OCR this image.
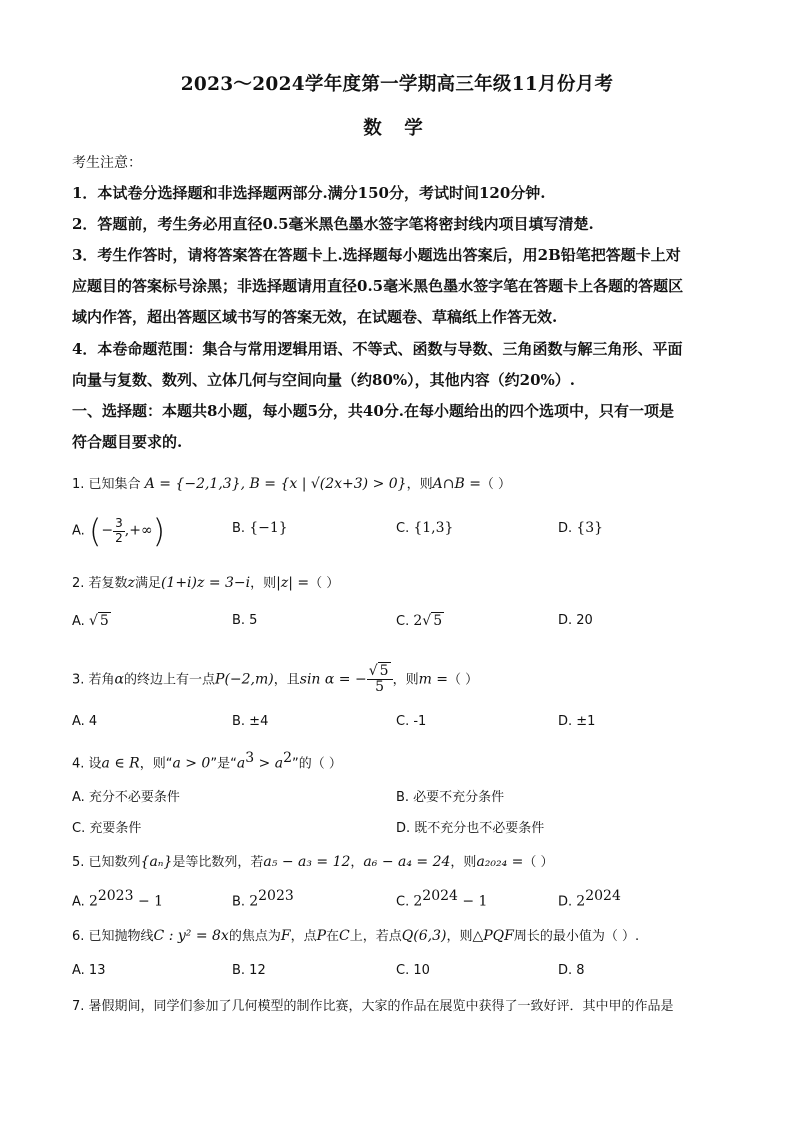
2023～2024学年度第一学期高三年级11月份月考
数 学
考生注意：
1．本试卷分选择题和非选择题两部分.满分150分，考试时间120分钟.
2．答题前，考生务必用直径0.5毫米黑色墨水签字笔将密封线内项目填写清楚.
3．考生作答时，请将答案答在答题卡上.选择题每小题选出答案后，用2B铅笔把答题卡上对
应题目的答案标号涂黑；非选择题请用直径0.5毫米黑色墨水签字笔在答题卡上各题的答题区
域内作答，超出答题区域书写的答案无效，在试题卷、草稿纸上作答无效.
4．本卷命题范围：集合与常用逻辑用语、不等式、函数与导数、三角函数与解三角形、平面
向量与复数、数列、立体几何与空间向量（约80%），其他内容（约20%）.
一、选择题：本题共8小题，每小题5分，共40分.在每小题给出的四个选项中，只有一项是
符合题目要求的.
1. 已知集合 A = {−2,1,3}, B = {x | √(2x+3) > 0}，则A∩B =（ ）
A. (− $\frac{3}{2}$ ,+∞)	B. {−1}	C. {1,3}	D. {3}
2. 若复数z满足(1+i)z = 3−i，则|z| =（ ）
A. √ 5	B. 5	C. 2√ 5	D. 20
3. 若角α的终边上有一点P(−2,m)，且sin α = − $\frac{√ 5}{5}$ ，则m =（ ）
A. 4	B. ±4	C. -1	D. ±1
4. 设a ∈ R，则“a > 0”是“$a^3 > a^2$”的（ ）
A. 充分不必要条件	B. 必要不充分条件
C. 充要条件	D. 既不充分也不必要条件
5. 已知数列{aₙ}是等比数列，若a₅ − a₃ = 12，a₆ − a₄ = 24，则a₂₀₂₄ =（ ）
A. $2^{2023} - 1$	B. $2^{2023}$	C. $2^{2024} - 1$	D. $2^{2024}$
6. 已知抛物线C : y² = 8x的焦点为F，点P在C上，若点Q(6,3)，则△PQF周长的最小值为（ ）.
A. 13	B. 12	C. 10	D. 8
7. 暑假期间，同学们参加了几何模型的制作比赛，大家的作品在展览中获得了一致好评．其中甲的作品是
